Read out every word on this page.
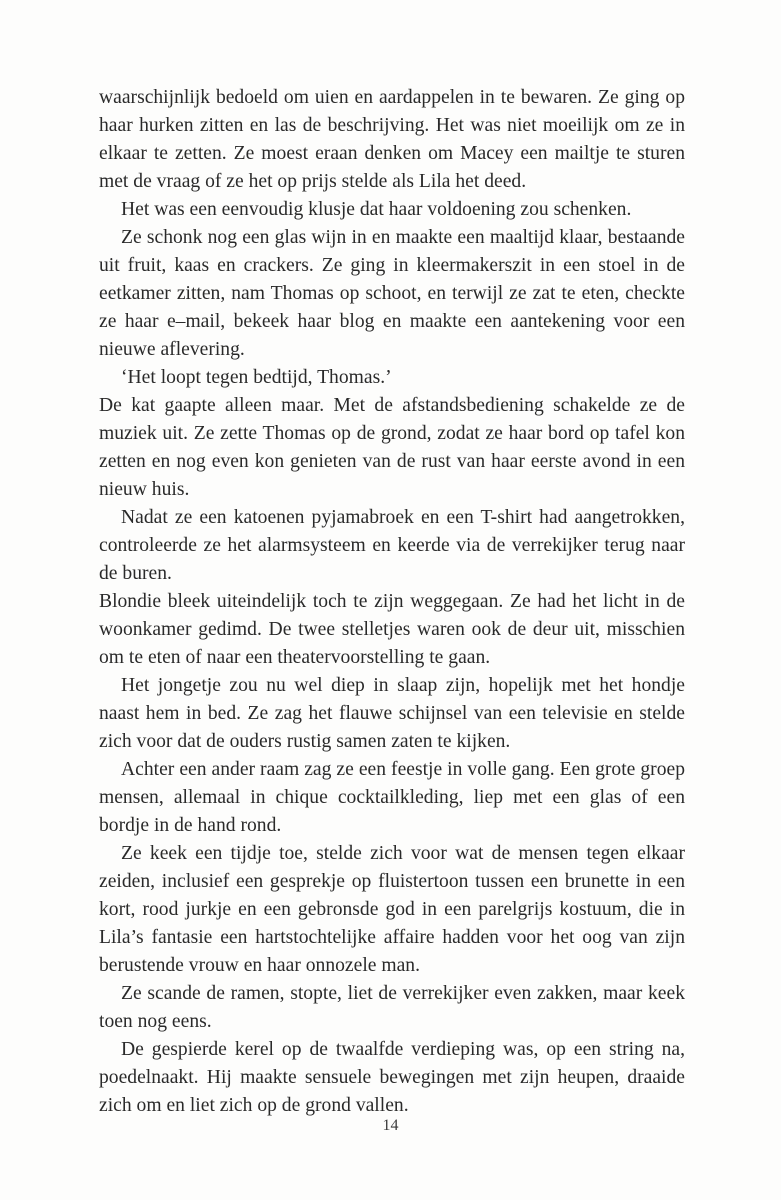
waarschijnlijk bedoeld om uien en aardappelen in te bewaren. Ze ging op haar hurken zitten en las de beschrijving. Het was niet moeilijk om ze in elkaar te zetten. Ze moest eraan denken om Macey een mailtje te sturen met de vraag of ze het op prijs stelde als Lila het deed.

Het was een eenvoudig klusje dat haar voldoening zou schenken.

Ze schonk nog een glas wijn in en maakte een maaltijd klaar, bestaande uit fruit, kaas en crackers. Ze ging in kleermakerszit in een stoel in de eetkamer zitten, nam Thomas op schoot, en terwijl ze zat te eten, checkte ze haar e–mail, bekeek haar blog en maakte een aantekening voor een nieuwe aflevering.

‘Het loopt tegen bedtijd, Thomas.’

De kat gaapte alleen maar. Met de afstandsbediening schakelde ze de muziek uit. Ze zette Thomas op de grond, zodat ze haar bord op tafel kon zetten en nog even kon genieten van de rust van haar eerste avond in een nieuw huis.

Nadat ze een katoenen pyjamabroek en een T-shirt had aangetrokken, controleerde ze het alarmsysteem en keerde via de verrekijker terug naar de buren.

Blondie bleek uiteindelijk toch te zijn weggegaan. Ze had het licht in de woonkamer gedimd. De twee stelletjes waren ook de deur uit, misschien om te eten of naar een theatervoorstelling te gaan.

Het jongetje zou nu wel diep in slaap zijn, hopelijk met het hondje naast hem in bed. Ze zag het flauwe schijnsel van een televisie en stelde zich voor dat de ouders rustig samen zaten te kijken.

Achter een ander raam zag ze een feestje in volle gang. Een grote groep mensen, allemaal in chique cocktailkleding, liep met een glas of een bordje in de hand rond.

Ze keek een tijdje toe, stelde zich voor wat de mensen tegen elkaar zeiden, inclusief een gesprekje op fluistertoon tussen een brunette in een kort, rood jurkje en een gebronsde god in een parelgrijs kostuum, die in Lila’s fantasie een hartstochtelijke affaire hadden voor het oog van zijn berustende vrouw en haar onnozele man.

Ze scande de ramen, stopte, liet de verrekijker even zakken, maar keek toen nog eens.

De gespierde kerel op de twaalfde verdieping was, op een string na, poedelnaakt. Hij maakte sensuele bewegingen met zijn heupen, draaide zich om en liet zich op de grond vallen.

14
